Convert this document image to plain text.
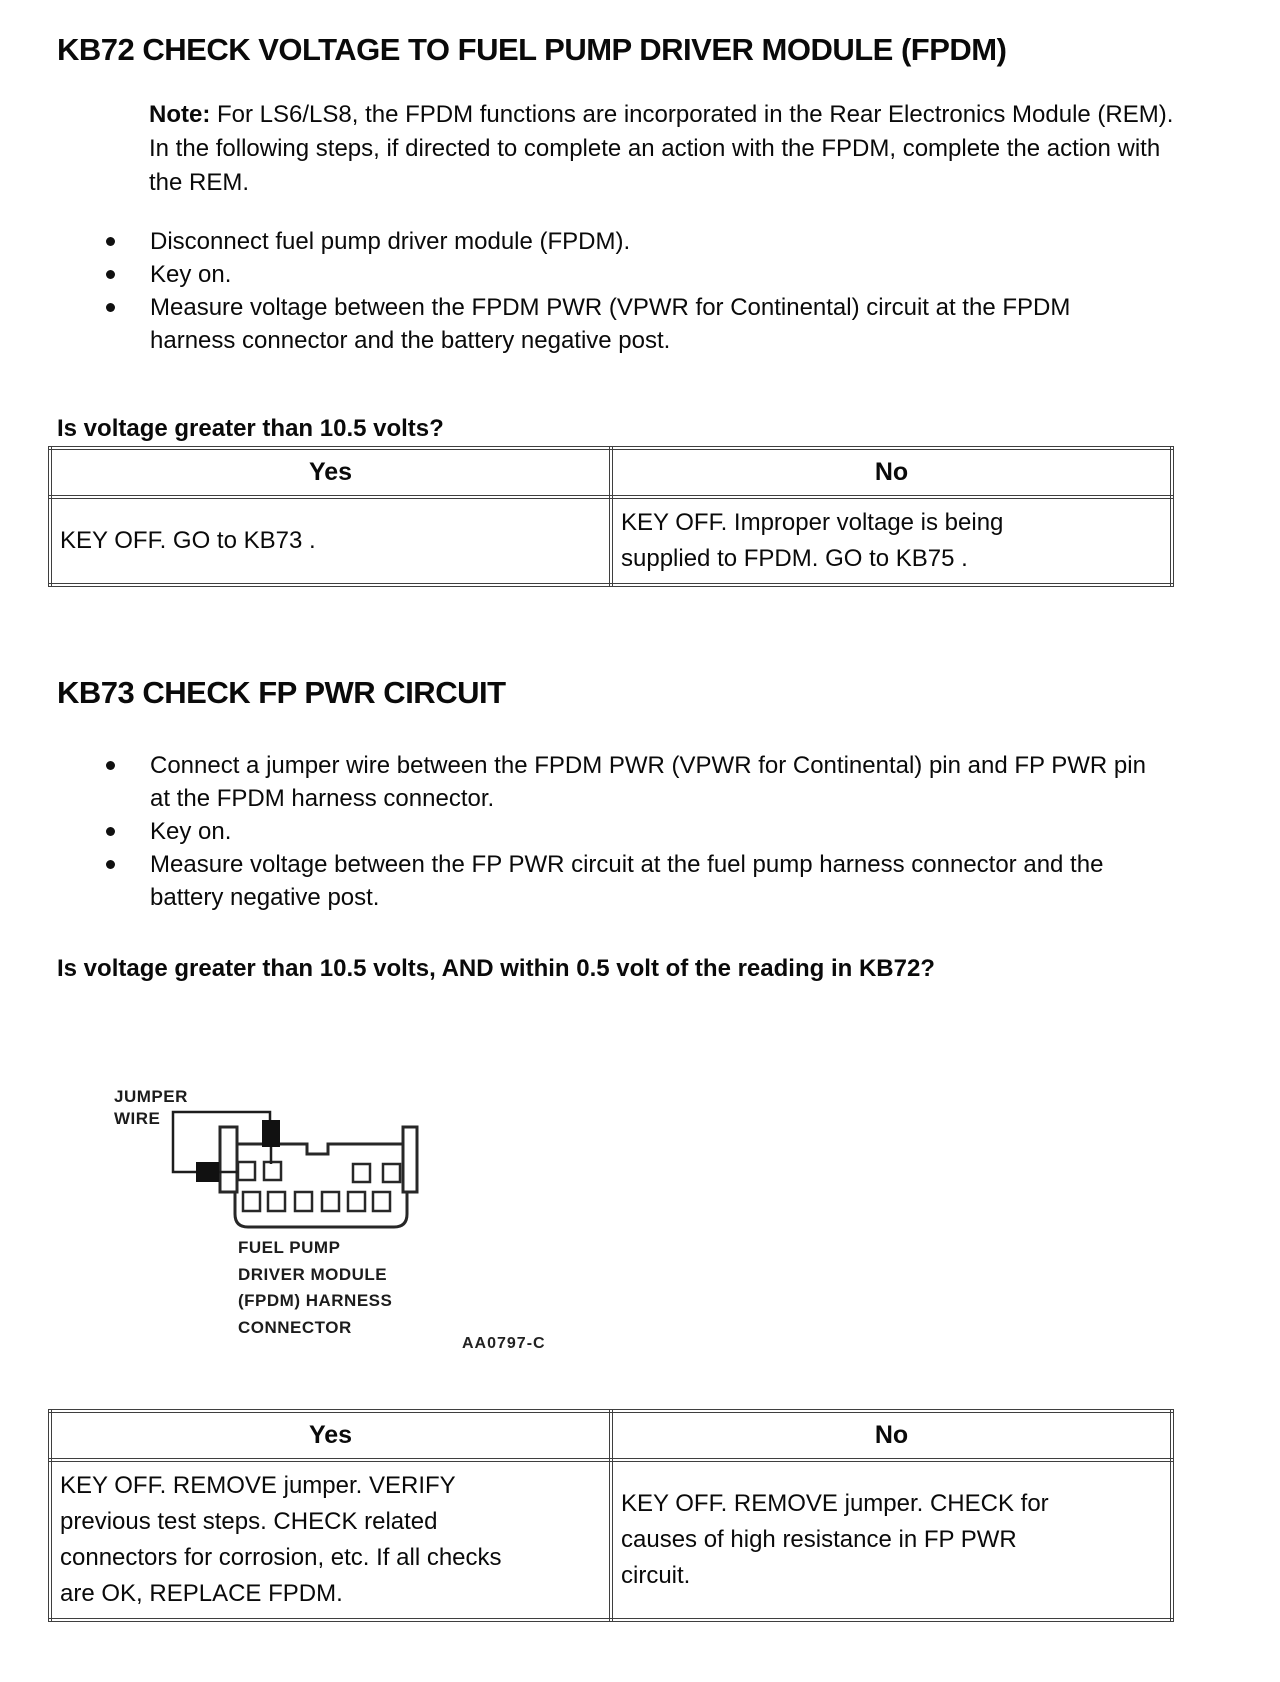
KB72 CHECK VOLTAGE TO FUEL PUMP DRIVER MODULE (FPDM)

Note: For LS6/LS8, the FPDM functions are incorporated in the Rear Electronics Module (REM). In the following steps, if directed to complete an action with the FPDM, complete the action with the REM.

Disconnect fuel pump driver module (FPDM).
Key on.
Measure voltage between the FPDM PWR (VPWR for Continental) circuit at the FPDM harness connector and the battery negative post.

Is voltage greater than 10.5 volts?

Yes	No
KEY OFF. GO to KB73 .	KEY OFF. Improper voltage is being supplied to FPDM. GO to KB75 .
KB73 CHECK FP PWR CIRCUIT
Connect a jumper wire between the FPDM PWR (VPWR for Continental) pin and FP PWR pin at the FPDM harness connector.
Key on.
Measure voltage between the FP PWR circuit at the fuel pump harness connector and the battery negative post.

Is voltage greater than 10.5 volts, AND within 0.5 volt of the reading in KB72?

JUMPER
WIRE
FUEL PUMP
DRIVER MODULE
(FPDM) HARNESS
CONNECTOR
AA0797-C
Yes	No
KEY OFF. REMOVE jumper. VERIFY previous test steps. CHECK related connectors for corrosion, etc. If all checks are OK, REPLACE FPDM.	KEY OFF. REMOVE jumper. CHECK for causes of high resistance in FP PWR circuit.
